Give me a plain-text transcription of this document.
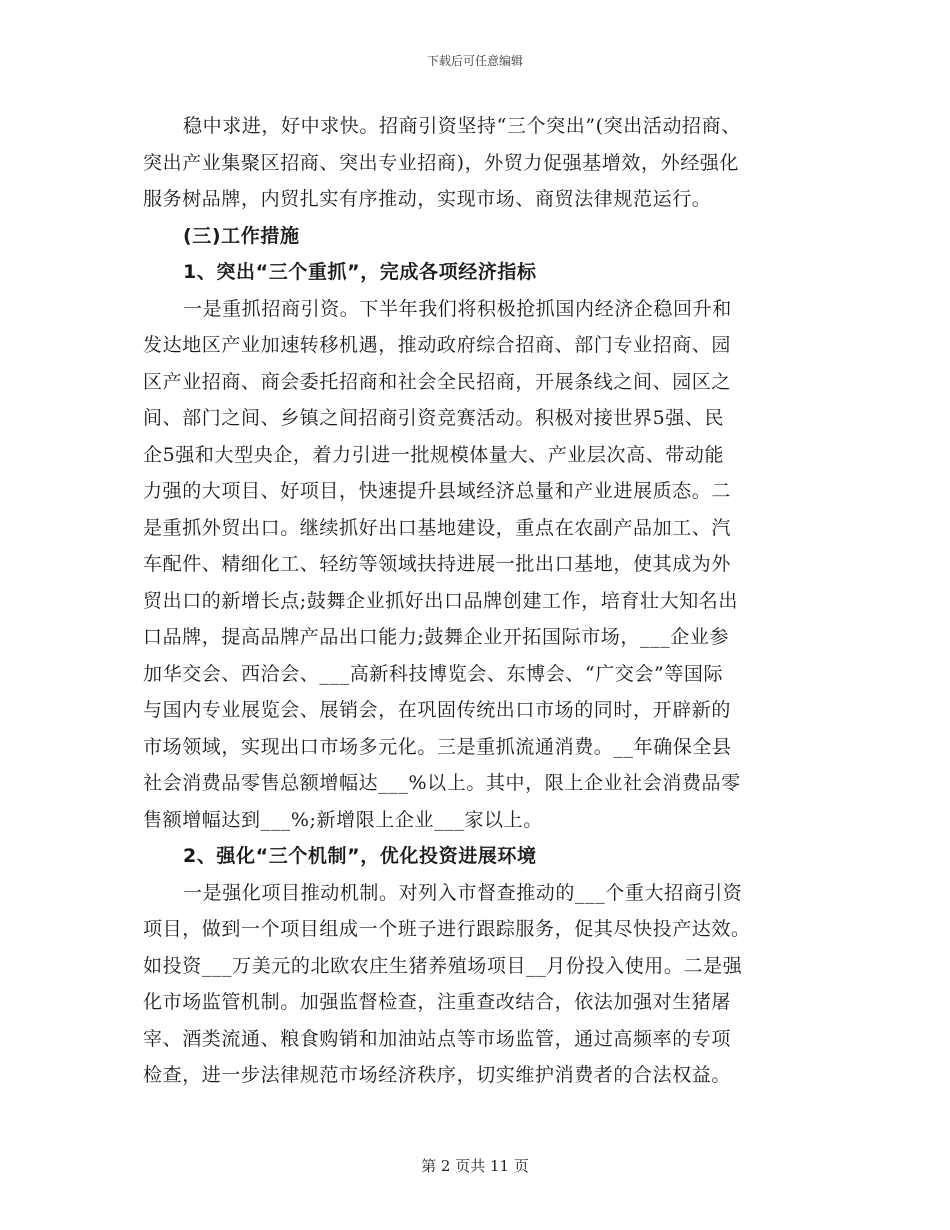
下载后可任意编辑
稳中求进，好中求快。招商引资坚持“三个突出”(突出活动招商、
突出产业集聚区招商、突出专业招商)，外贸力促强基增效，外经强化
服务树品牌，内贸扎实有序推动，实现市场、商贸法律规范运行。
(三)工作措施
1、突出“三个重抓”，完成各项经济指标
一是重抓招商引资。下半年我们将积极抢抓国内经济企稳回升和
发达地区产业加速转移机遇，推动政府综合招商、部门专业招商、园
区产业招商、商会委托招商和社会全民招商，开展条线之间、园区之
间、部门之间、乡镇之间招商引资竞赛活动。积极对接世界5强、民
企5强和大型央企，着力引进一批规模体量大、产业层次高、带动能
力强的大项目、好项目，快速提升县域经济总量和产业进展质态。二
是重抓外贸出口。继续抓好出口基地建设，重点在农副产品加工、汽
车配件、精细化工、轻纺等领域扶持进展一批出口基地，使其成为外
贸出口的新增长点;鼓舞企业抓好出口品牌创建工作，培育壮大知名出
口品牌，提高品牌产品出口能力;鼓舞企业开拓国际市场，___企业参
加华交会、西洽会、___高新科技博览会、东博会、“广交会”等国际
与国内专业展览会、展销会，在巩固传统出口市场的同时，开辟新的
市场领域，实现出口市场多元化。三是重抓流通消费。__年确保全县
社会消费品零售总额增幅达___%以上。其中，限上企业社会消费品零
售额增幅达到___%;新增限上企业___家以上。
2、强化“三个机制”，优化投资进展环境
一是强化项目推动机制。对列入市督查推动的___个重大招商引资
项目，做到一个项目组成一个班子进行跟踪服务，促其尽快投产达效。
如投资___万美元的北欧农庄生猪养殖场项目__月份投入使用。二是强
化市场监管机制。加强监督检查，注重查改结合，依法加强对生猪屠
宰、酒类流通、粮食购销和加油站点等市场监管，通过高频率的专项
检查，进一步法律规范市场经济秩序，切实维护消费者的合法权益。
第 2 页共 11 页
